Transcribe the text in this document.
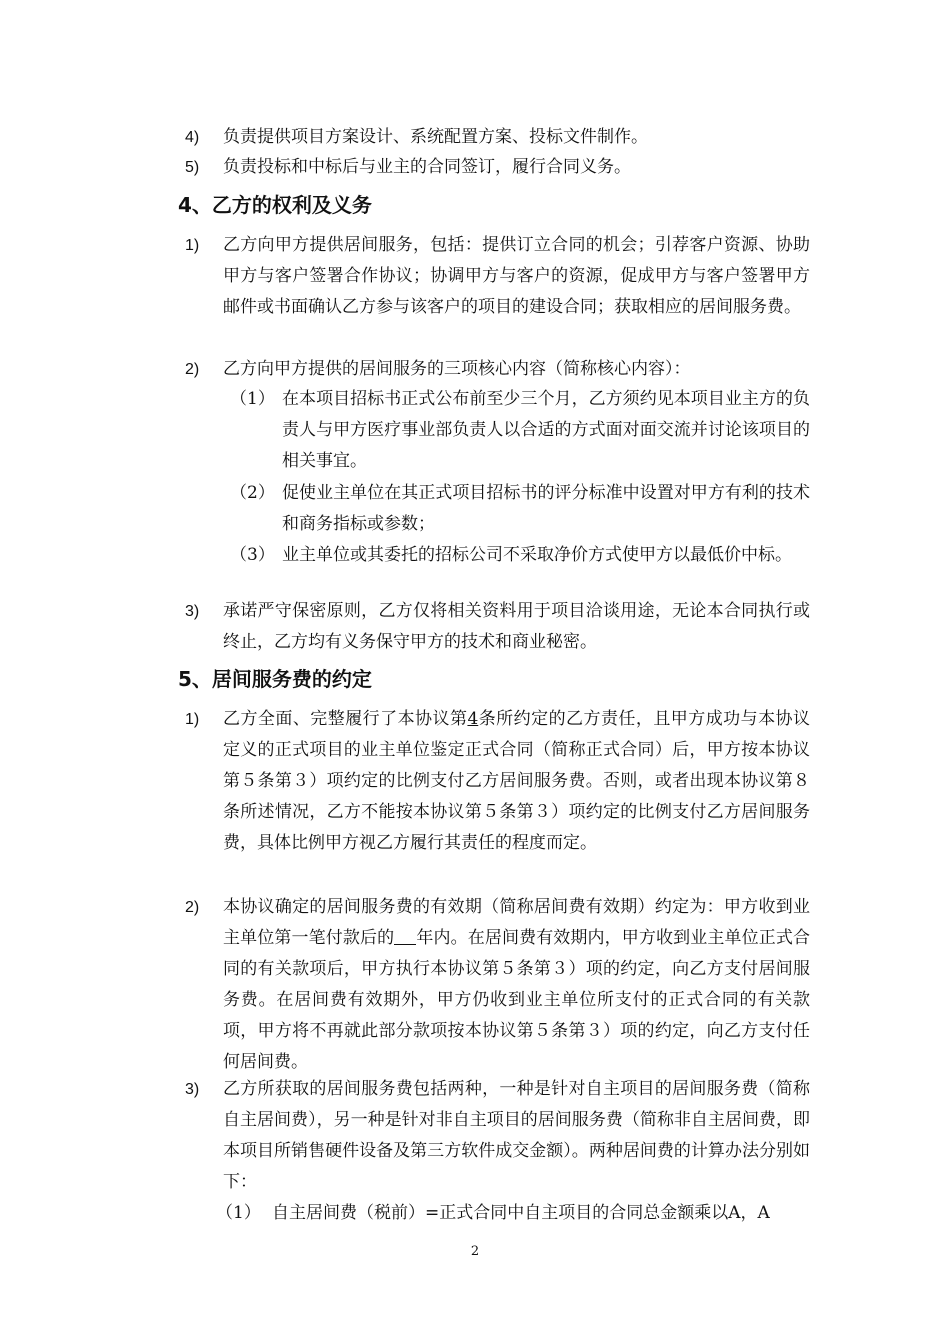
4)	负责提供项目方案设计、系统配置方案、投标文件制作。
5)	负责投标和中标后与业主的合同签订，履行合同义务。
4、乙方的权利及义务
1)	乙方向甲方提供居间服务，包括：提供订立合同的机会；引荐客户资源、协助甲方与客户签署合作协议；协调甲方与客户的资源，促成甲方与客户签署甲方邮件或书面确认乙方参与该客户的项目的建设合同；获取相应的居间服务费。
2)	乙方向甲方提供的居间服务的三项核心内容（简称核心内容）：
（1） 在本项目招标书正式公布前至少三个月，乙方须约见本项目业主方的负责人与甲方医疗事业部负责人以合适的方式面对面交流并讨论该项目的相关事宜。
（2） 促使业主单位在其正式项目招标书的评分标准中设置对甲方有利的技术和商务指标或参数；
（3） 业主单位或其委托的招标公司不采取净价方式使甲方以最低价中标。
3)	承诺严守保密原则，乙方仅将相关资料用于项目洽谈用途，无论本合同执行或终止，乙方均有义务保守甲方的技术和商业秘密。
5、居间服务费的约定
1)	乙方全面、完整履行了本协议第4条所约定的乙方责任，且甲方成功与本协议定义的正式项目的业主单位鉴定正式合同（简称正式合同）后，甲方按本协议第５条第３）项约定的比例支付乙方居间服务费。否则，或者出现本协议第８条所述情况，乙方不能按本协议第５条第３）项约定的比例支付乙方居间服务费，具体比例甲方视乙方履行其责任的程度而定。
2)	本协议确定的居间服务费的有效期（简称居间费有效期）约定为：甲方收到业主单位第一笔付款后的 年内。在居间费有效期内，甲方收到业主单位正式合同的有关款项后，甲方执行本协议第５条第３）项的约定，向乙方支付居间服务费。在居间费有效期外，甲方仍收到业主单位所支付的正式合同的有关款项，甲方将不再就此部分款项按本协议第５条第３）项的约定，向乙方支付任何居间费。
3)	乙方所获取的居间服务费包括两种，一种是针对自主项目的居间服务费（简称自主居间费），另一种是针对非自主项目的居间服务费（简称非自主居间费，即本项目所销售硬件设备及第三方软件成交金额）。两种居间费的计算办法分别如下：
（1） 自主居间费（税前）=正式合同中自主项目的合同总金额乘以A，A
2
